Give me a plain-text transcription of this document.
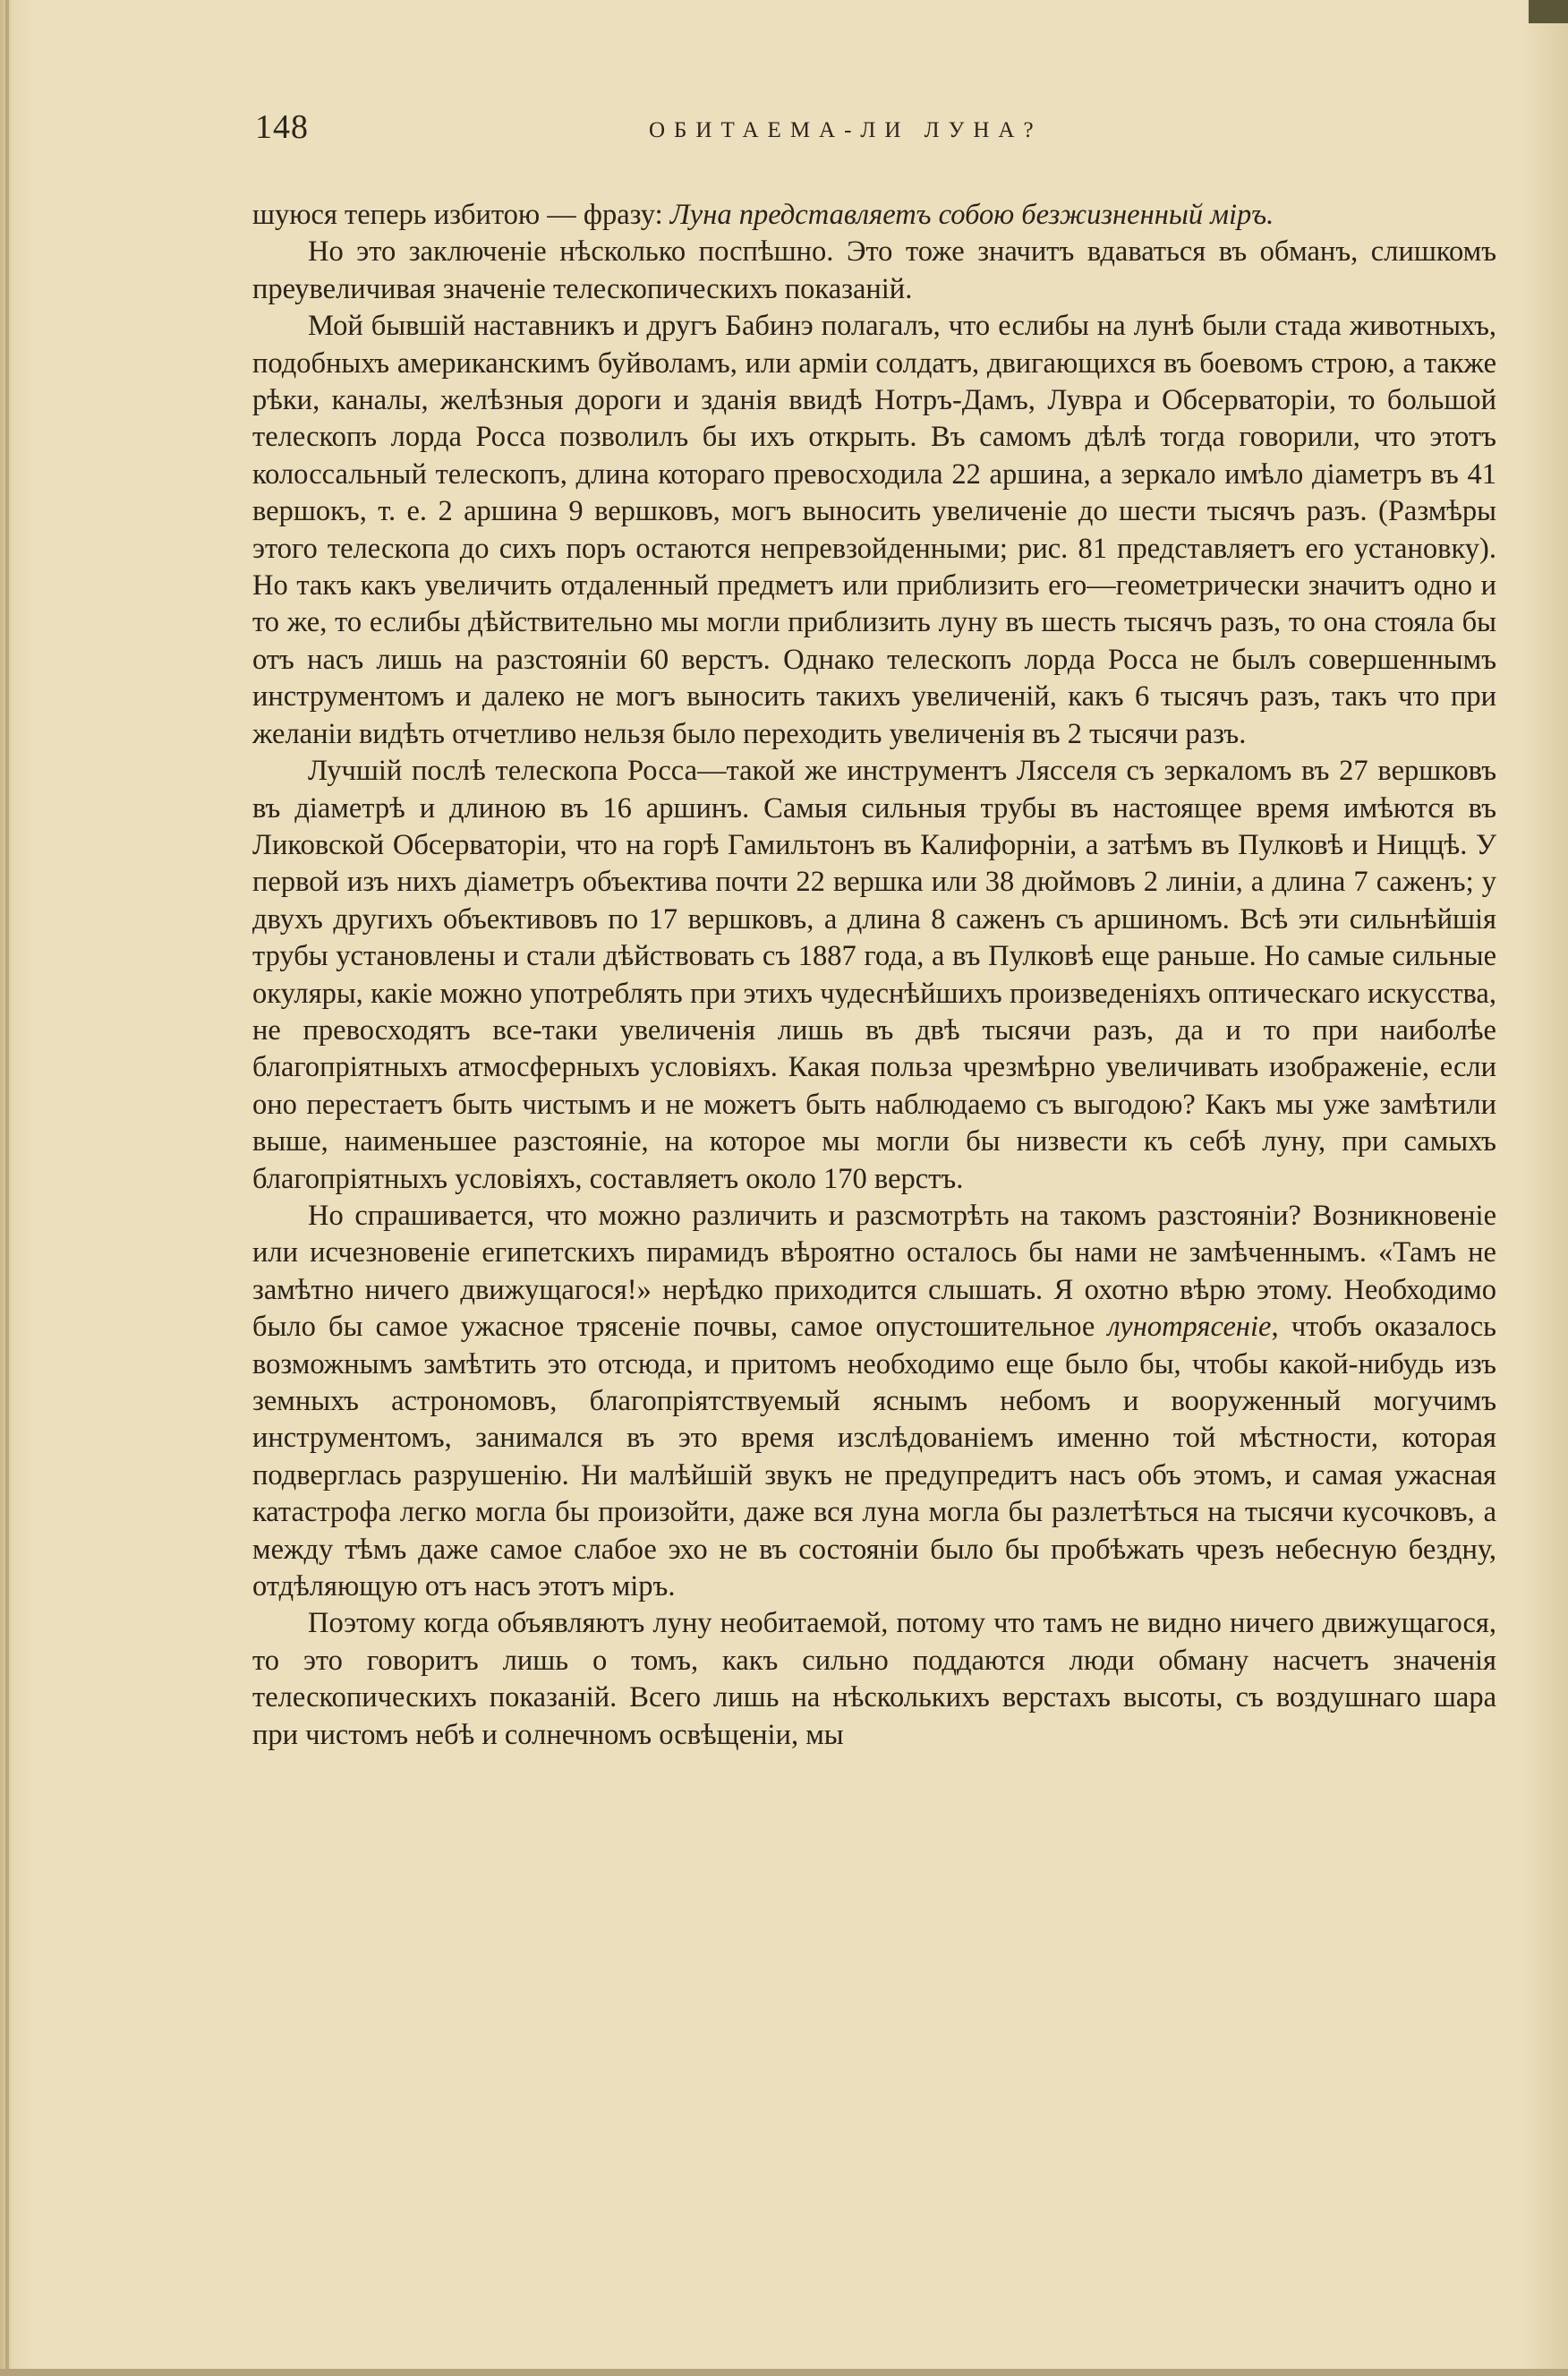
148	ОБИТАЕМА-ЛИ ЛУНА?

шуюся теперь избитою — фразу: Луна представляетъ собою безжизненный міръ.

Но это заключеніе нѣсколько поспѣшно. Это тоже значитъ вдаваться въ обманъ, слишкомъ преувеличивая значеніе телескопическихъ показаній.

Мой бывшій наставникъ и другъ Бабинэ полагалъ, что еслибы на лунѣ были стада животныхъ, подобныхъ американскимъ буйволамъ, или арміи солдатъ, двигающихся въ боевомъ строю, а также рѣки, каналы, желѣзныя дороги и зданія ввидѣ Нотръ-Дамъ, Лувра и Обсерваторіи, то большой телескопъ лорда Росса позволилъ бы ихъ открыть. Въ самомъ дѣлѣ тогда говорили, что этотъ колоссальный телескопъ, длина котораго превосходила 22 аршина, а зеркало имѣло діаметръ въ 41 вершокъ, т. е. 2 аршина 9 вершковъ, могъ выносить увеличеніе до шести тысячъ разъ. (Размѣры этого телескопа до сихъ поръ остаются непревзойденными; рис. 81 представляетъ его установку). Но такъ какъ увеличить отдаленный предметъ или приблизить его—геометрически значитъ одно и то же, то еслибы дѣйствительно мы могли приблизить луну въ шесть тысячъ разъ, то она стояла бы отъ насъ лишь на разстояніи 60 верстъ. Однако телескопъ лорда Росса не былъ совершеннымъ инструментомъ и далеко не могъ выносить такихъ увеличеній, какъ 6 тысячъ разъ, такъ что при желаніи видѣть отчетливо нельзя было переходить увеличенія въ 2 тысячи разъ.

Лучшій послѣ телескопа Росса—такой же инструментъ Лясселя съ зеркаломъ въ 27 вершковъ въ діаметрѣ и длиною въ 16 аршинъ. Самыя сильныя трубы въ настоящее время имѣются въ Ликовской Обсерваторіи, что на горѣ Гамильтонъ въ Калифорніи, а затѣмъ въ Пулковѣ и Ниццѣ. У первой изъ нихъ діаметръ объектива почти 22 вершка или 38 дюймовъ 2 линіи, а длина 7 саженъ; у двухъ другихъ объективовъ по 17 вершковъ, а длина 8 саженъ съ аршиномъ. Всѣ эти сильнѣйшія трубы установлены и стали дѣйствовать съ 1887 года, а въ Пулковѣ еще раньше. Но самые сильные окуляры, какіе можно употреблять при этихъ чудеснѣйшихъ произведеніяхъ оптическаго искусства, не превосходятъ все-таки увеличенія лишь въ двѣ тысячи разъ, да и то при наиболѣе благопріятныхъ атмосферныхъ условіяхъ. Какая польза чрезмѣрно увеличивать изображеніе, если оно перестаетъ быть чистымъ и не можетъ быть наблюдаемо съ выгодою? Какъ мы уже замѣтили выше, наименьшее разстояніе, на которое мы могли бы низвести къ себѣ луну, при самыхъ благопріятныхъ условіяхъ, составляетъ около 170 верстъ.

Но спрашивается, что можно различить и разсмотрѣть на такомъ разстояніи? Возникновеніе или исчезновеніе египетскихъ пирамидъ вѣроятно осталось бы нами не замѣченнымъ. «Тамъ не замѣтно ничего движущагося!» нерѣдко приходится слышать. Я охотно вѣрю этому. Необходимо было бы самое ужасное трясеніе почвы, самое опустошительное лунотрясеніе, чтобъ оказалось возможнымъ замѣтить это отсюда, и притомъ необходимо еще было бы, чтобы какой-нибудь изъ земныхъ астрономовъ, благопріятствуемый яснымъ небомъ и вооруженный могучимъ инструментомъ, занимался въ это время изслѣдованіемъ именно той мѣстности, которая подверглась разрушенію. Ни малѣйшій звукъ не предупредитъ насъ объ этомъ, и самая ужасная катастрофа легко могла бы произойти, даже вся луна могла бы разлетѣться на тысячи кусочковъ, а между тѣмъ даже самое слабое эхо не въ состояніи было бы пробѣжать чрезъ небесную бездну, отдѣляющую отъ насъ этотъ міръ.

Поэтому когда объявляютъ луну необитаемой, потому что тамъ не видно ничего движущагося, то это говоритъ лишь о томъ, какъ сильно поддаются люди обману насчетъ значенія телескопическихъ показаній. Всего лишь на нѣсколькихъ верстахъ высоты, съ воздушнаго шара при чистомъ небѣ и солнечномъ освѣщеніи, мы
